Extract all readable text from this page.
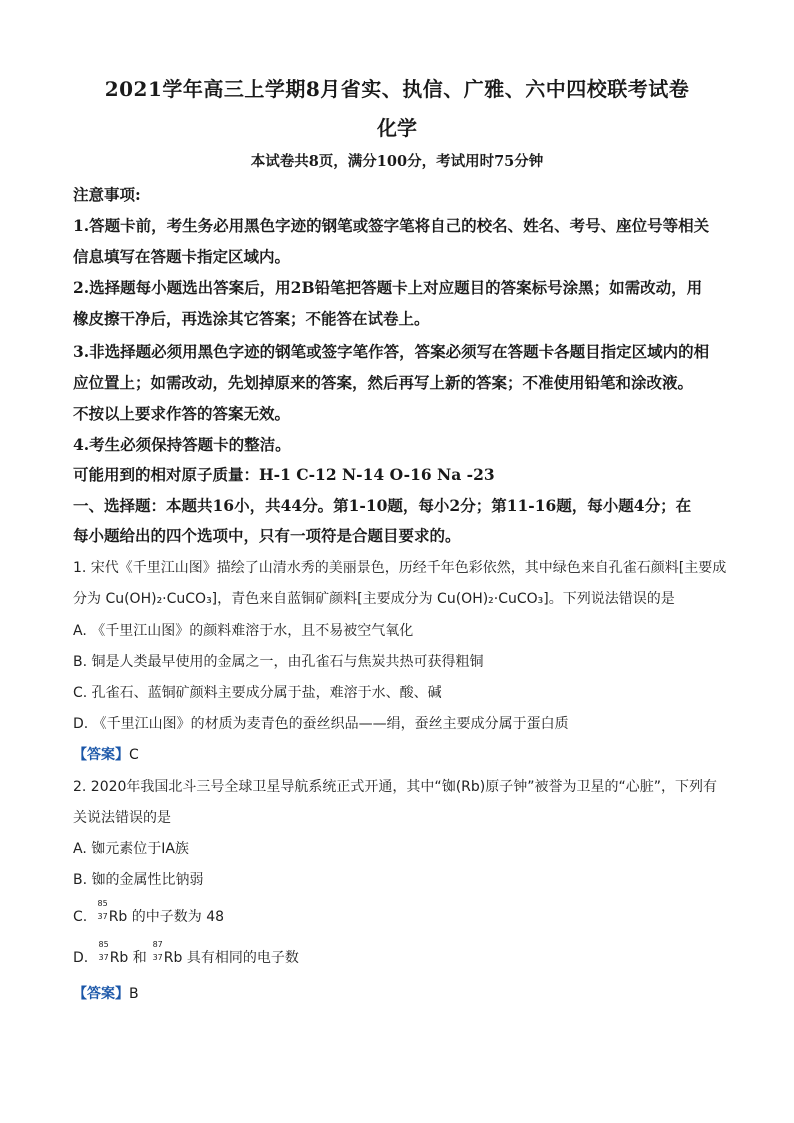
2021学年高三上学期8月省实、执信、广雅、六中四校联考试卷
化学
本试卷共8页，满分100分，考试用时75分钟
注意事项:
1.答题卡前，考生务必用黑色字迹的钢笔或签字笔将自己的校名、姓名、考号、座位号等相关
信息填写在答题卡指定区域内。
2.选择题每小题选出答案后，用2B铅笔把答题卡上对应题目的答案标号涂黑；如需改动，用
橡皮擦干净后，再选涂其它答案；不能答在试卷上。
3.非选择题必须用黑色字迹的钢笔或签字笔作答，答案必须写在答题卡各题目指定区域内的相
应位置上；如需改动，先划掉原来的答案，然后再写上新的答案；不准使用铅笔和涂改液。
不按以上要求作答的答案无效。
4.考生必须保持答题卡的整洁。
可能用到的相对原子质量：H-1 C-12 N-14 O-16 Na -23
一、选择题：本题共16小，共44分。第1-10题，每小2分；第11-16题，每小题4分；在
每小题给出的四个选项中，只有一项符是合题目要求的。
1. 宋代《千里江山图》描绘了山清水秀的美丽景色，历经千年色彩依然，其中绿色来自孔雀石颜料[主要成
分为 Cu(OH)₂·CuCO₃]，青色来自蓝铜矿颜料[主要成分为 Cu(OH)₂·CuCO₃]。下列说法错误的是
A. 《千里江山图》的颜料难溶于水，且不易被空气氧化
B. 铜是人类最早使用的金属之一，由孔雀石与焦炭共热可获得粗铜
C. 孔雀石、蓝铜矿颜料主要成分属于盐，难溶于水、酸、碱
D. 《千里江山图》的材质为麦青色的蚕丝织品——绢，蚕丝主要成分属于蛋白质
【答案】C
2. 2020年我国北斗三号全球卫星导航系统正式开通，其中“铷(Rb)原子钟”被誉为卫星的“心脏”，下列有
关说法错误的是
A. 铷元素位于IA族
B. 铷的金属性比钠弱
C.
85
37 Rb 的中子数为 48
D.
85
37 Rb 和
87
37 Rb 具有相同的电子数
【答案】B
